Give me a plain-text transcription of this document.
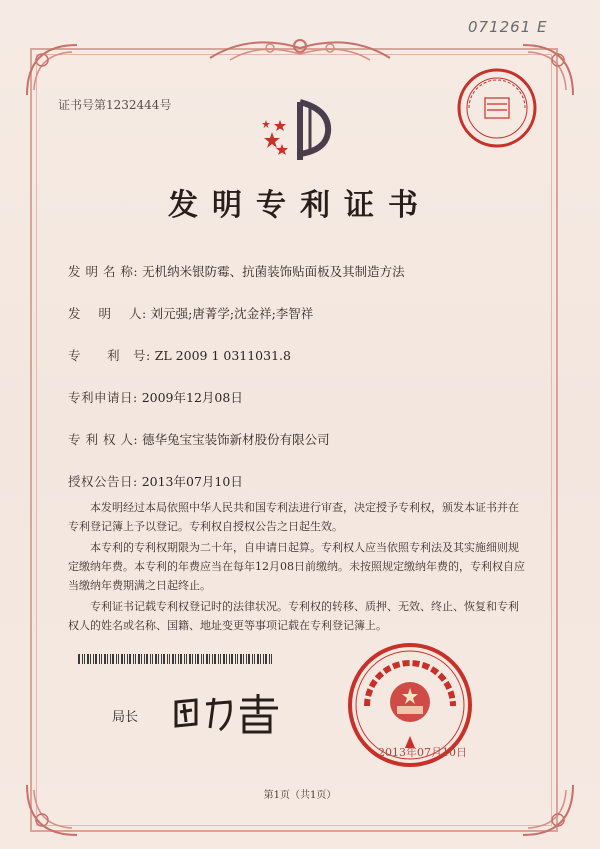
071261 E
证书号第1232444号
发明专利证书
发 明 名 称: 无机纳米银防霉、抗菌装饰贴面板及其制造方法
发　 明　 人: 刘元强;唐菁学;沈金祥;李智祥
专　　利　号: ZL 2009 1 0311031.8
专利申请日: 2009年12月08日
专 利 权 人: 德华兔宝宝装饰新材股份有限公司
授权公告日: 2013年07月10日

本发明经过本局依照中华人民共和国专利法进行审查，决定授予专利权，颁发本证书并在专利登记簿上予以登记。专利权自授权公告之日起生效。

本专利的专利权期限为二十年，自申请日起算。专利权人应当依照专利法及其实施细则规定缴纳年费。本专利的年费应当在每年12月08日前缴纳。未按照规定缴纳年费的，专利权自应当缴纳年费期满之日起终止。

专利证书记载专利权登记时的法律状况。专利权的转移、质押、无效、终止、恢复和专利权人的姓名或名称、国籍、地址变更等事项记载在专利登记簿上。

局长
2013年07月10日
第1页（共1页）
